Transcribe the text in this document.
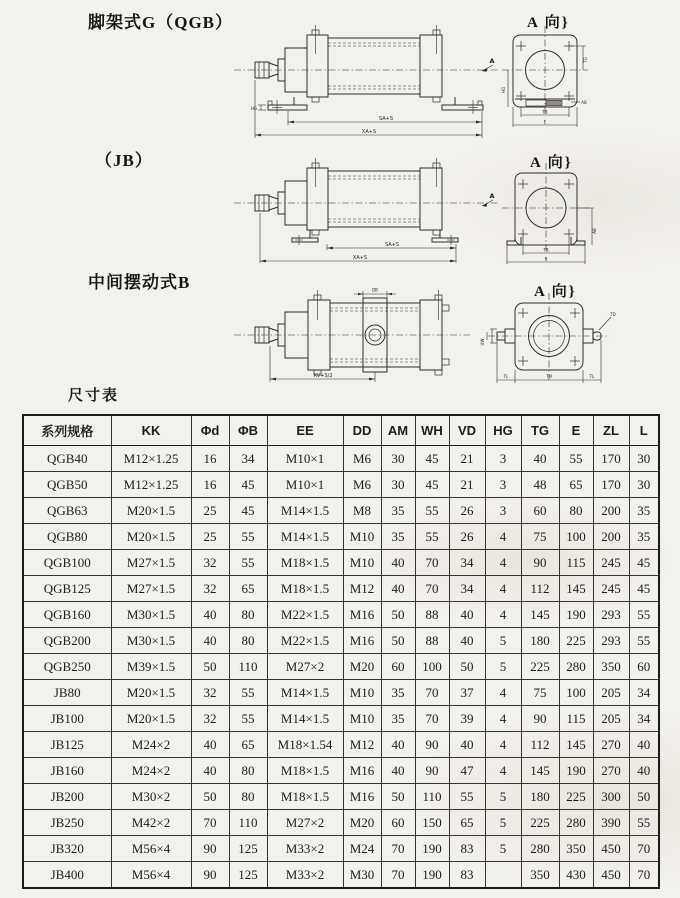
脚架式G（QGB）
（JB）
中间摆动式B
尺寸表
A 向}
A 向}
A 向}
HG
SA+S
XA+S
A	TG
HG
AB
TB
E
SA+S
XA+S
A
AB
TB
B
DB
XV+S/2
TD
UW
TL	TM	TL
系列规格	KK	Φd	ΦB	EE	DD	AM	WH	VD	HG	TG	E	ZL	L
QGB40	M12×1.25	16	34	M10×1	M6	30	45	21	3	40	55	170	30
QGB50	M12×1.25	16	45	M10×1	M6	30	45	21	3	48	65	170	30
QGB63	M20×1.5	25	45	M14×1.5	M8	35	55	26	3	60	80	200	35
QGB80	M20×1.5	25	55	M14×1.5	M10	35	55	26	4	75	100	200	35
QGB100	M27×1.5	32	55	M18×1.5	M10	40	70	34	4	90	115	245	45
QGB125	M27×1.5	32	65	M18×1.5	M12	40	70	34	4	112	145	245	45
QGB160	M30×1.5	40	80	M22×1.5	M16	50	88	40	4	145	190	293	55
QGB200	M30×1.5	40	80	M22×1.5	M16	50	88	40	5	180	225	293	55
QGB250	M39×1.5	50	110	M27×2	M20	60	100	50	5	225	280	350	60
JB80	M20×1.5	32	55	M14×1.5	M10	35	70	37	4	75	100	205	34
JB100	M20×1.5	32	55	M14×1.5	M10	35	70	39	4	90	115	205	34
JB125	M24×2	40	65	M18×1.54	M12	40	90	40	4	112	145	270	40
JB160	M24×2	40	80	M18×1.5	M16	40	90	47	4	145	190	270	40
JB200	M30×2	50	80	M18×1.5	M16	50	110	55	5	180	225	300	50
JB250	M42×2	70	110	M27×2	M20	60	150	65	5	225	280	390	55
JB320	M56×4	90	125	M33×2	M24	70	190	83	5	280	350	450	70
JB400	M56×4	90	125	M33×2	M30	70	190	83		350	430	450	70
